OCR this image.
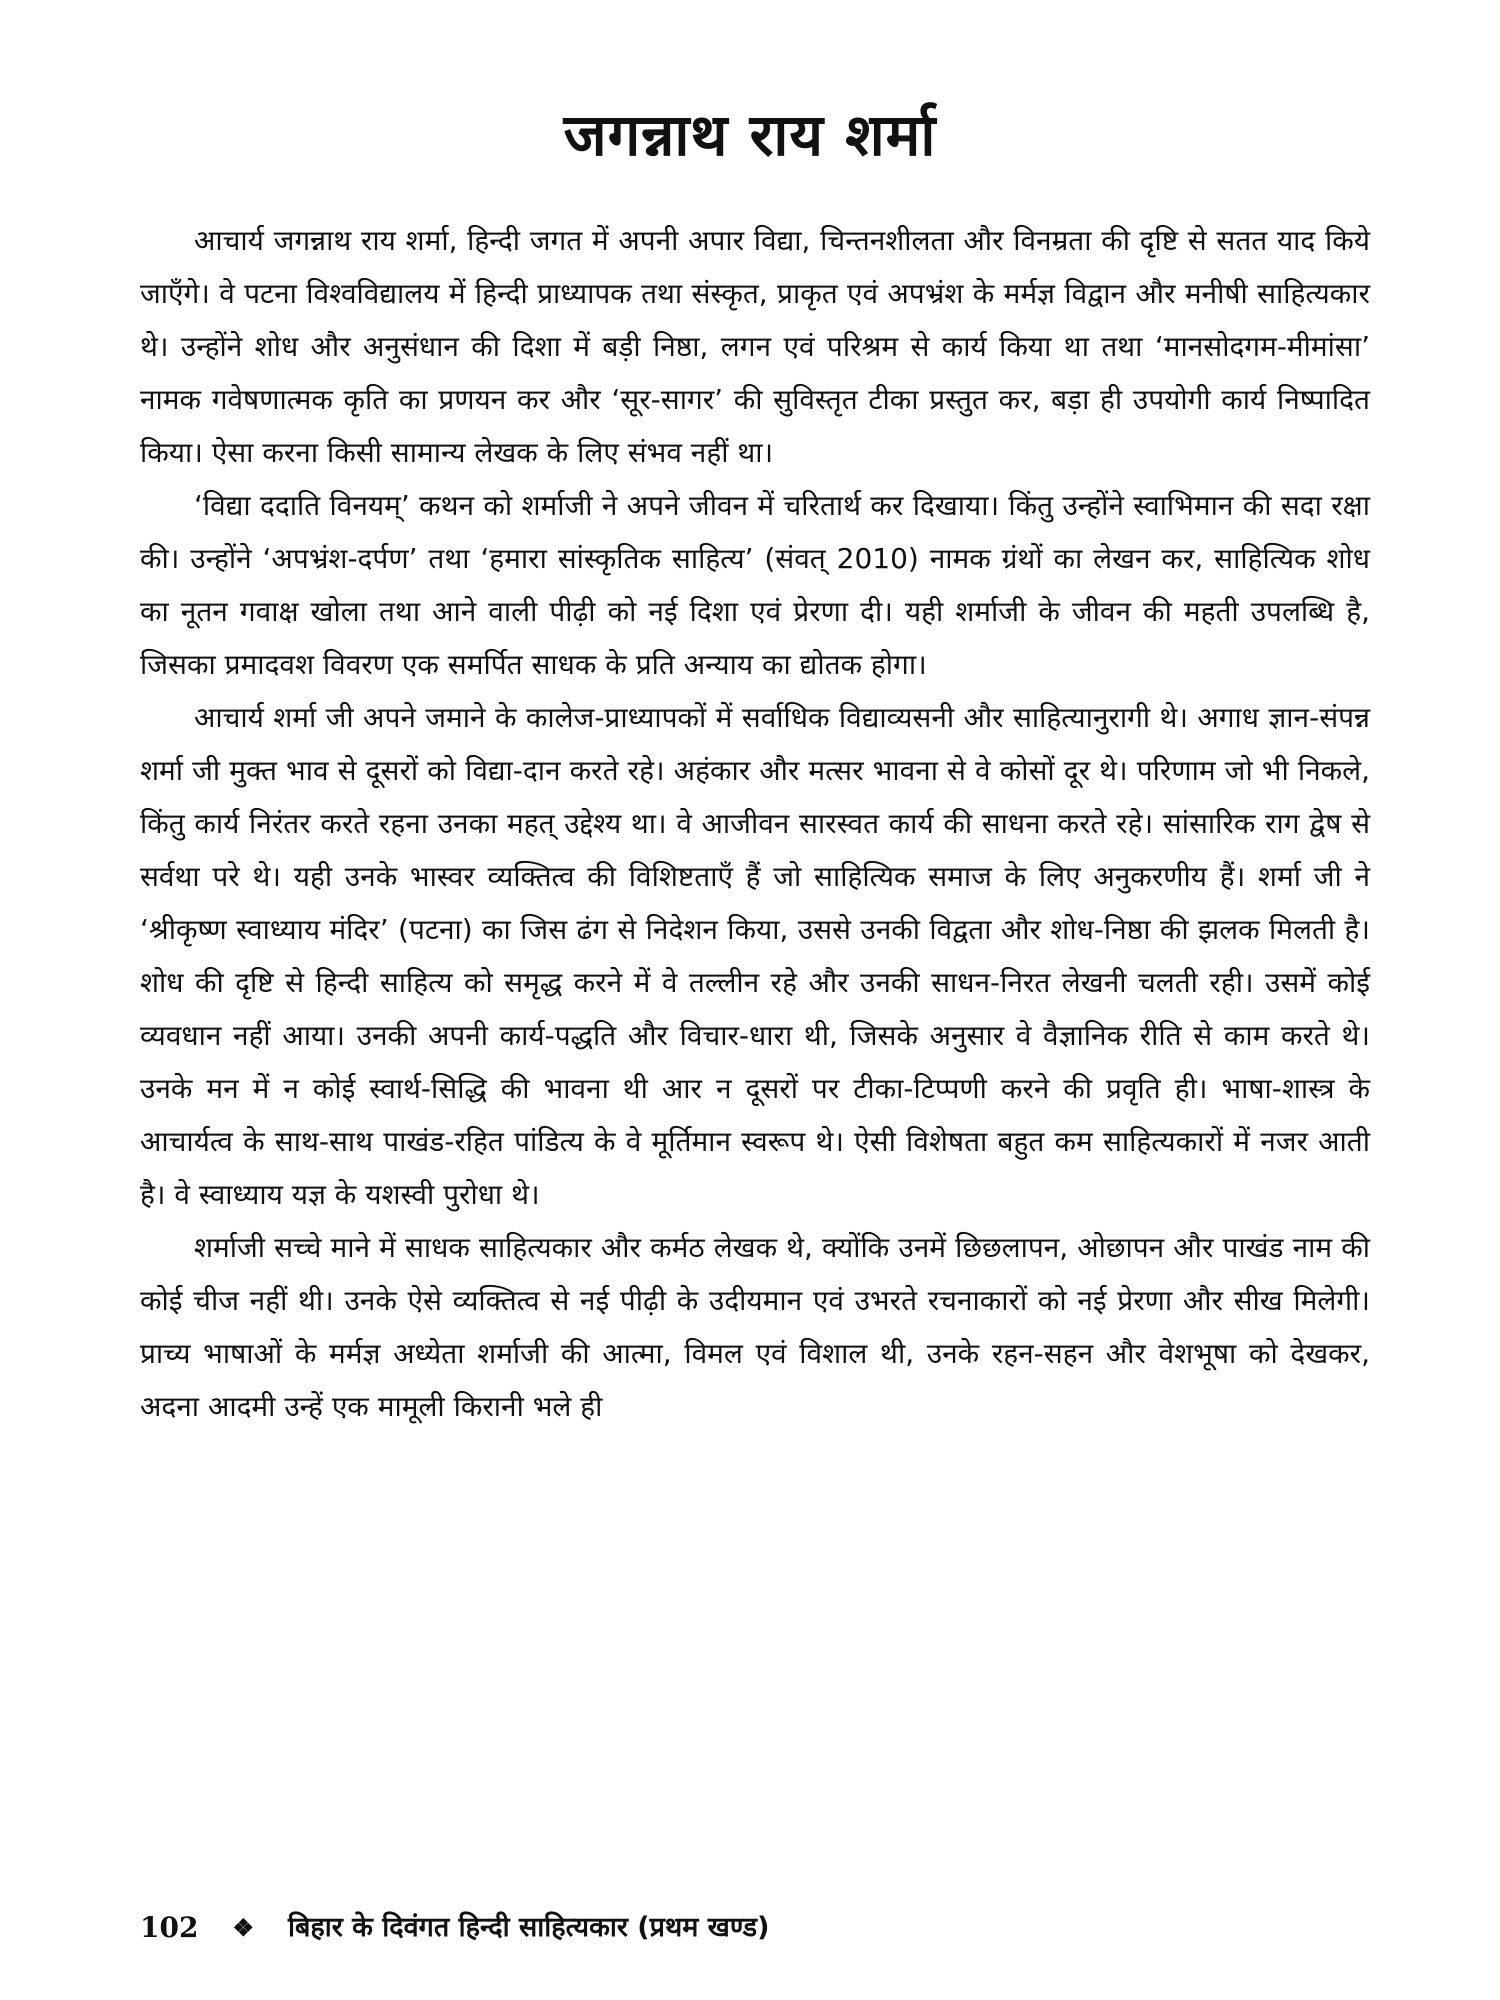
जगन्नाथ राय शर्मा

आचार्य जगन्नाथ राय शर्मा, हिन्दी जगत में अपनी अपार विद्या, चिन्तनशीलता और विनम्रता की दृष्टि से सतत याद किये जाएँगे। वे पटना विश्वविद्यालय में हिन्दी प्राध्यापक तथा संस्कृत, प्राकृत एवं अपभ्रंश के मर्मज्ञ विद्वान और मनीषी साहित्यकार थे। उन्होंने शोध और अनुसंधान की दिशा में बड़ी निष्ठा, लगन एवं परिश्रम से कार्य किया था तथा ‘मानसोदगम-मीमांसा’ नामक गवेषणात्मक कृति का प्रणयन कर और ‘सूर-सागर’ की सुविस्तृत टीका प्रस्तुत कर, बड़ा ही उपयोगी कार्य निष्पादित किया। ऐसा करना किसी सामान्य लेखक के लिए संभव नहीं था।

‘विद्या ददाति विनयम्’ कथन को शर्माजी ने अपने जीवन में चरितार्थ कर दिखाया। किंतु उन्होंने स्वाभिमान की सदा रक्षा की। उन्होंने ‘अपभ्रंश-दर्पण’ तथा ‘हमारा सांस्कृतिक साहित्य’ (संवत् 2010) नामक ग्रंथों का लेखन कर, साहित्यिक शोध का नूतन गवाक्ष खोला तथा आने वाली पीढ़ी को नई दिशा एवं प्रेरणा दी। यही शर्माजी के जीवन की महती उपलब्धि है, जिसका प्रमादवश विवरण एक समर्पित साधक के प्रति अन्याय का द्योतक होगा।

आचार्य शर्मा जी अपने जमाने के कालेज-प्राध्यापकों में सर्वाधिक विद्याव्यसनी और साहित्यानुरागी थे। अगाध ज्ञान-संपन्न शर्मा जी मुक्त भाव से दूसरों को विद्या-दान करते रहे। अहंकार और मत्सर भावना से वे कोसों दूर थे। परिणाम जो भी निकले, किंतु कार्य निरंतर करते रहना उनका महत् उद्देश्य था। वे आजीवन सारस्वत कार्य की साधना करते रहे। सांसारिक राग द्वेष से सर्वथा परे थे। यही उनके भास्वर व्यक्तित्व की विशिष्टताएँ हैं जो साहित्यिक समाज के लिए अनुकरणीय हैं। शर्मा जी ने ‘श्रीकृष्ण स्वाध्याय मंदिर’ (पटना) का जिस ढंग से निदेशन किया, उससे उनकी विद्वता और शोध-निष्ठा की झलक मिलती है। शोध की दृष्टि से हिन्दी साहित्य को समृद्ध करने में वे तल्लीन रहे और उनकी साधन-निरत लेखनी चलती रही। उसमें कोई व्यवधान नहीं आया। उनकी अपनी कार्य-पद्धति और विचार-धारा थी, जिसके अनुसार वे वैज्ञानिक रीति से काम करते थे। उनके मन में न कोई स्वार्थ-सिद्धि की भावना थी आर न दूसरों पर टीका-टिप्पणी करने की प्रवृति ही। भाषा-शास्त्र के आचार्यत्व के साथ-साथ पाखंड-रहित पांडित्य के वे मूर्तिमान स्वरूप थे। ऐसी विशेषता बहुत कम साहित्यकारों में नजर आती है। वे स्वाध्याय यज्ञ के यशस्वी पुरोधा थे।

शर्माजी सच्चे माने में साधक साहित्यकार और कर्मठ लेखक थे, क्योंकि उनमें छिछलापन, ओछापन और पाखंड नाम की कोई चीज नहीं थी। उनके ऐसे व्यक्तित्व से नई पीढ़ी के उदीयमान एवं उभरते रचनाकारों को नई प्रेरणा और सीख मिलेगी। प्राच्य भाषाओं के मर्मज्ञ अध्येता शर्माजी की आत्मा, विमल एवं विशाल थी, उनके रहन-सहन और वेशभूषा को देखकर, अदना आदमी उन्हें एक मामूली किरानी भले ही

102 ❖ बिहार के दिवंगत हिन्दी साहित्यकार (प्रथम खण्ड)
